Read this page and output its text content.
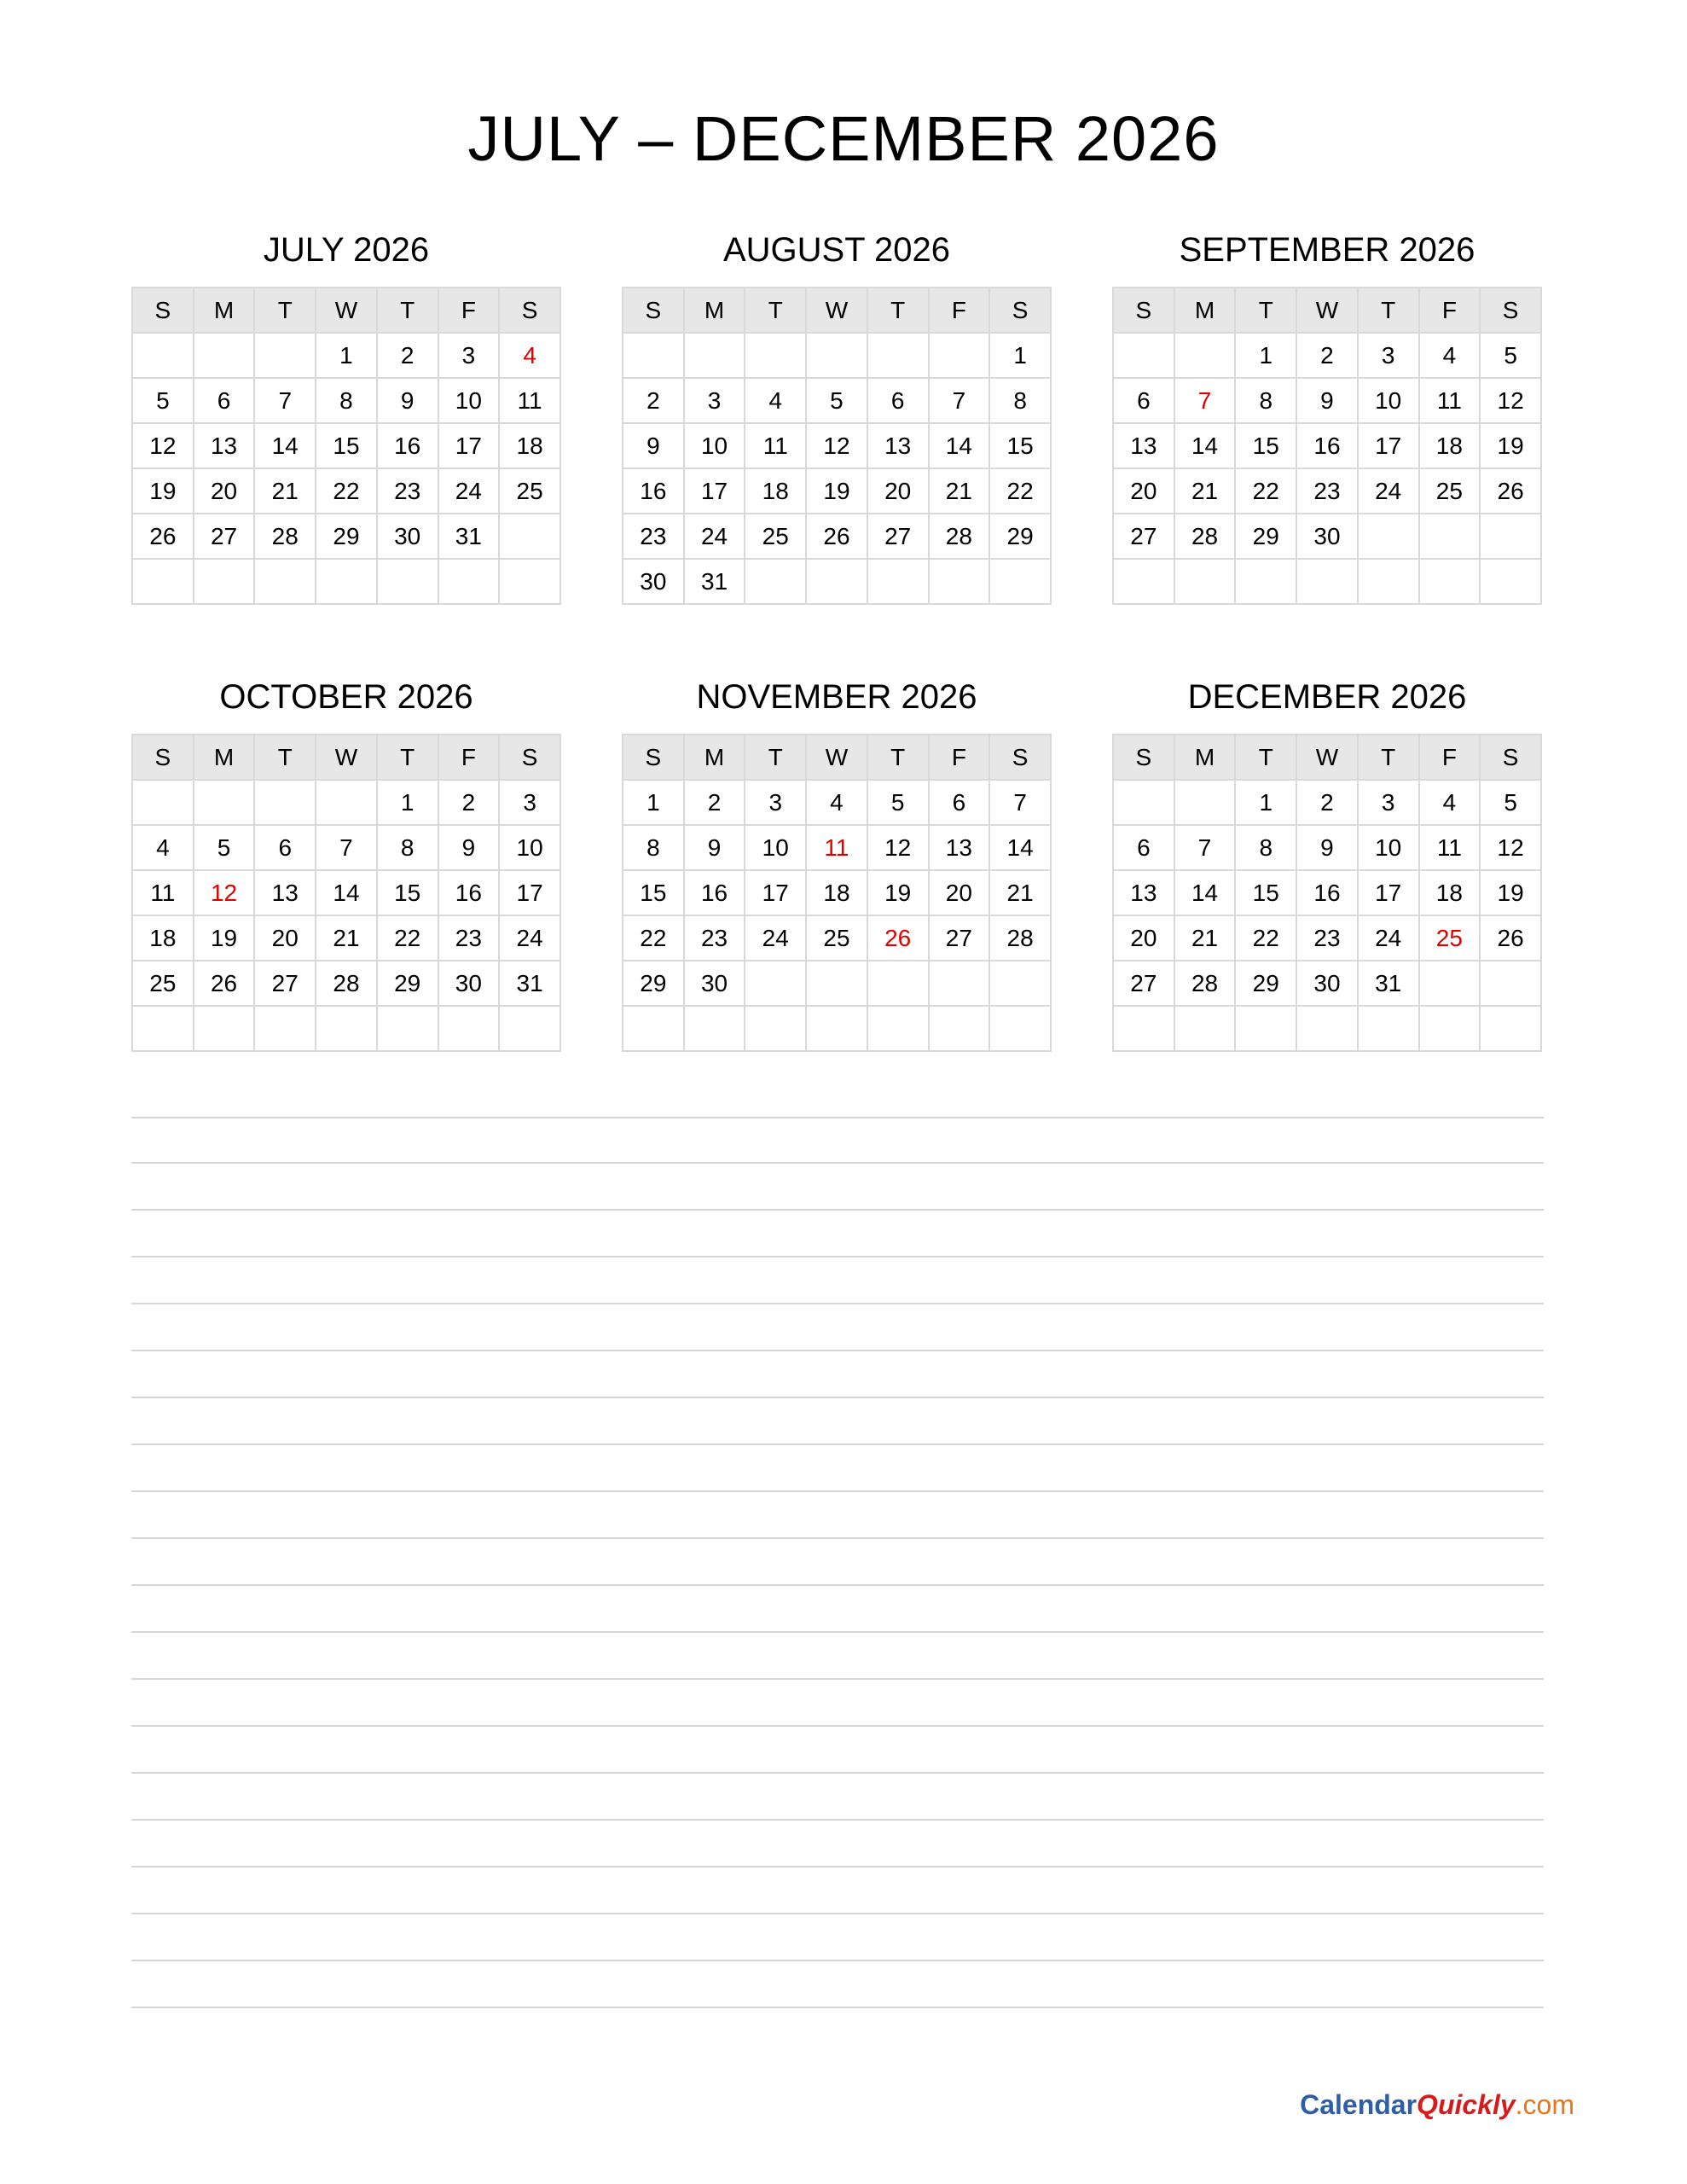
JULY – DECEMBER 2026
JULY 2026
S	M	T	W	T	F	S
			1	2	3	4
5	6	7	8	9	10	11
12	13	14	15	16	17	18
19	20	21	22	23	24	25
26	27	28	29	30	31	

AUGUST 2026
S	M	T	W	T	F	S
						1
2	3	4	5	6	7	8
9	10	11	12	13	14	15
16	17	18	19	20	21	22
23	24	25	26	27	28	29
30	31					
SEPTEMBER 2026
S	M	T	W	T	F	S
		1	2	3	4	5
6	7	8	9	10	11	12
13	14	15	16	17	18	19
20	21	22	23	24	25	26
27	28	29	30			

OCTOBER 2026
S	M	T	W	T	F	S
				1	2	3
4	5	6	7	8	9	10
11	12	13	14	15	16	17
18	19	20	21	22	23	24
25	26	27	28	29	30	31

NOVEMBER 2026
S	M	T	W	T	F	S
1	2	3	4	5	6	7
8	9	10	11	12	13	14
15	16	17	18	19	20	21
22	23	24	25	26	27	28
29	30					

DECEMBER 2026
S	M	T	W	T	F	S
		1	2	3	4	5
6	7	8	9	10	11	12
13	14	15	16	17	18	19
20	21	22	23	24	25	26
27	28	29	30	31		

CalendarQuickly.com
